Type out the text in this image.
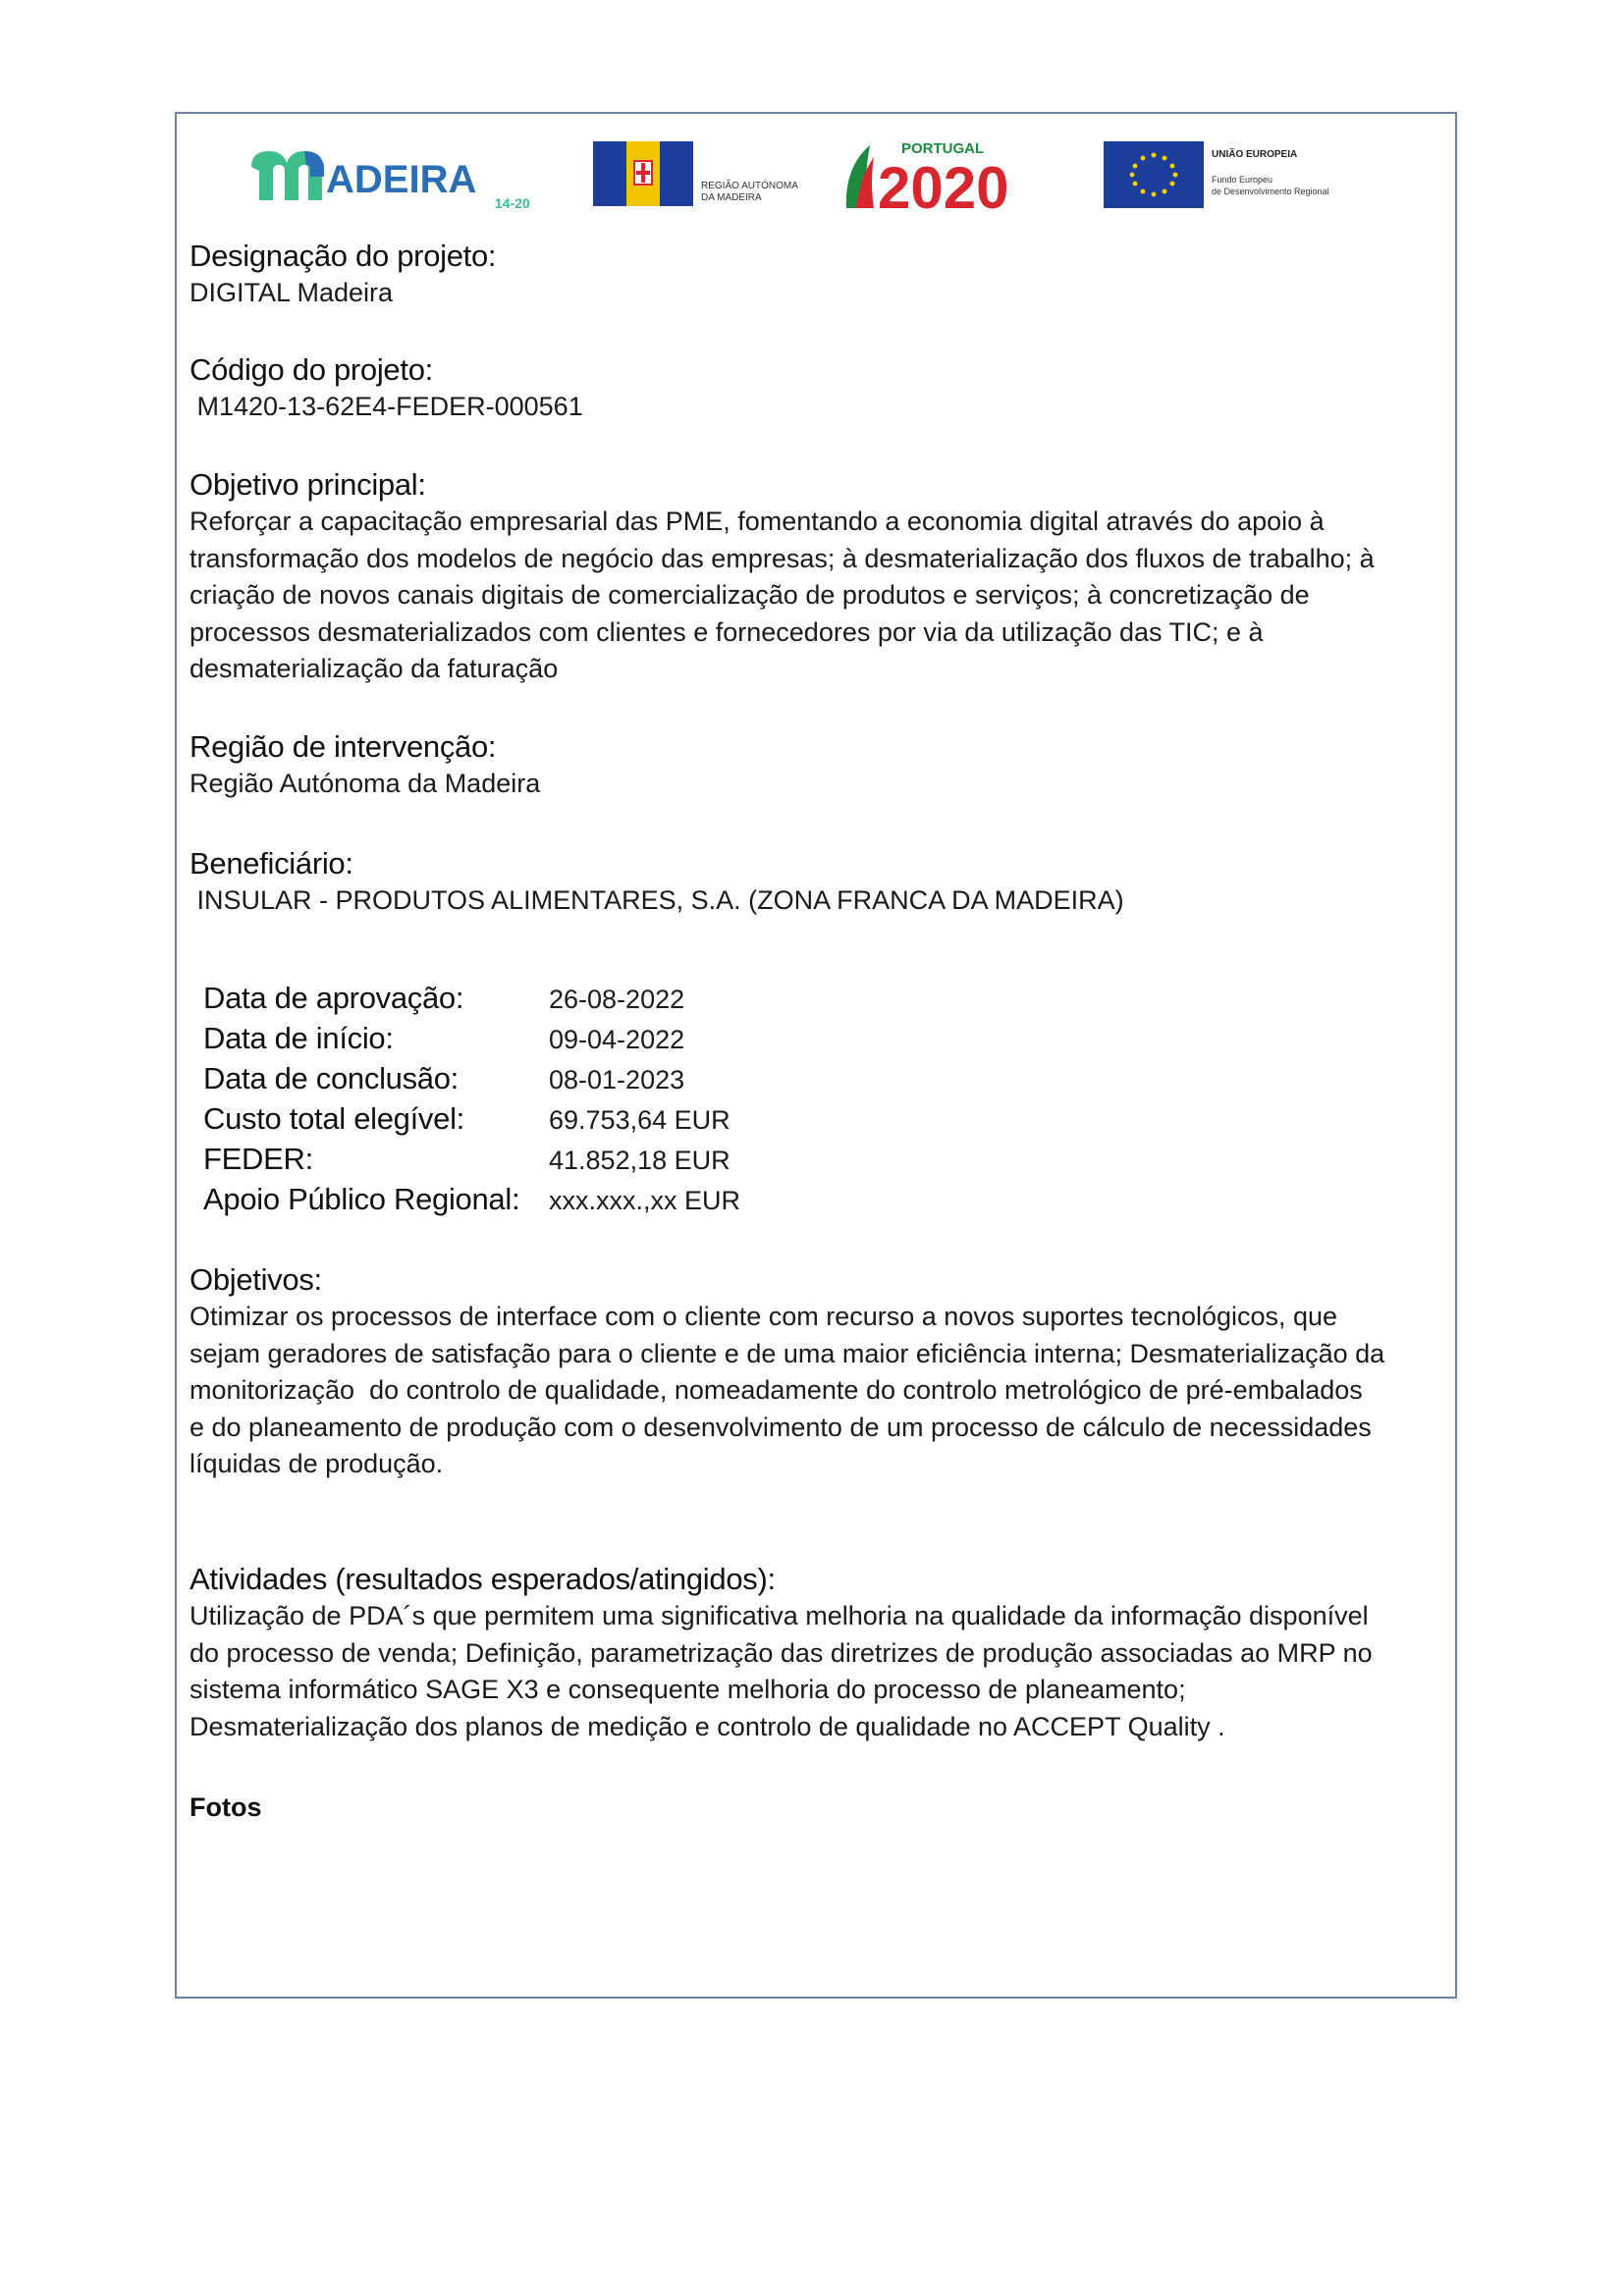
ADEIRA
14-20
REGIÃO AUTÓNOMA
DA MADEIRA
PORTUGAL
2020
UNIÃO EUROPEIA
Fundo Europeu
de Desenvolvimento Regional

Designação do projeto:

DIGITAL Madeira

Código do projeto:

M1420-13-62E4-FEDER-000561

Objetivo principal:

Reforçar a capacitação empresarial das PME, fomentando a economia digital através do apoio à

transformação dos modelos de negócio das empresas; à desmaterialização dos fluxos de trabalho; à

criação de novos canais digitais de comercialização de produtos e serviços; à concretização de

processos desmaterializados com clientes e fornecedores por via da utilização das TIC; e à

desmaterialização da faturação

Região de intervenção:

Região Autónoma da Madeira

Beneficiário:

INSULAR - PRODUTOS ALIMENTARES, S.A. (ZONA FRANCA DA MADEIRA)

Data de aprovação:	26-08-2022
Data de início:	09-04-2022
Data de conclusão:	08-01-2023
Custo total elegível:	69.753,64 EUR
FEDER:	41.852,18 EUR
Apoio Público Regional: xxx.xxx.,xx EUR

Objetivos:

Otimizar os processos de interface com o cliente com recurso a novos suportes tecnológicos, que

sejam geradores de satisfação para o cliente e de uma maior eficiência interna; Desmaterialização da

monitorização  do controlo de qualidade, nomeadamente do controlo metrológico de pré-embalados

e do planeamento de produção com o desenvolvimento de um processo de cálculo de necessidades

líquidas de produção.

Atividades (resultados esperados/atingidos):

Utilização de PDA´s que permitem uma significativa melhoria na qualidade da informação disponível

do processo de venda; Definição, parametrização das diretrizes de produção associadas ao MRP no

sistema informático SAGE X3 e consequente melhoria do processo de planeamento;

Desmaterialização dos planos de medição e controlo de qualidade no ACCEPT Quality .

Fotos
